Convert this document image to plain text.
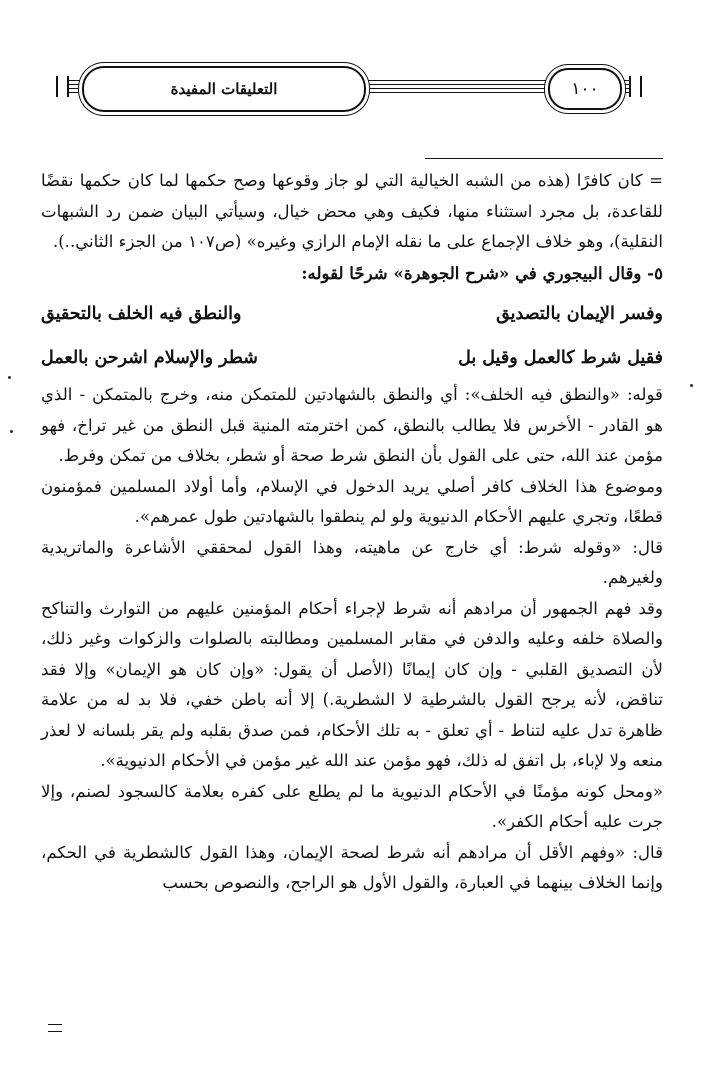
التعليقات المفيدة	١٠٠

= كان كافرًا (هذه من الشبه الخيالية التي لو جاز وقوعها وصح حكمها لما كان حكمها نقضًا للقاعدة، بل مجرد استثناء منها، فكيف وهي محض خيال، وسيأتي البيان ضمن رد الشبهات النقلية)، وهو خلاف الإجماع على ما نقله الإمام الرازي وغيره» (ص١٠٧ من الجزء الثاني..).

٥- وقال البيجوري في «شرح الجوهرة» شرحًا لقوله:

وفسر الإيمان بالتصديق
والنطق فيه الخلف بالتحقيق
فقيل شرط كالعمل وقيل بل
شطر والإسلام اشرحن بالعمل

قوله: «والنطق فيه الخلف»: أي والنطق بالشهادتين للمتمكن منه، وخرج بالمتمكن - الذي هو القادر - الأخرس فلا يطالب بالنطق، كمن اخترمته المنية قبل النطق من غير تراخ، فهو مؤمن عند الله، حتى على القول بأن النطق شرط صحة أو شطر، بخلاف من تمكن وفرط.

وموضوع هذا الخلاف كافر أصلي يريد الدخول في الإسلام، وأما أولاد المسلمين فمؤمنون قطعًا، وتجري عليهم الأحكام الدنيوية ولو لم ينطقوا بالشهادتين طول عمرهم».

قال: «وقوله شرط: أي خارج عن ماهيته، وهذا القول لمحققي الأشاعرة والماتريدية ولغيرهم.

وقد فهم الجمهور أن مرادهم أنه شرط لإجراء أحكام المؤمنين عليهم من التوارث والتناكح والصلاة خلفه وعليه والدفن في مقابر المسلمين ومطالبته بالصلوات والزكوات وغير ذلك، لأن التصديق القلبي - وإن كان إيمانًا (الأصل أن يقول: «وإن كان هو الإيمان» وإلا فقد تناقض، لأنه يرجح القول بالشرطية لا الشطرية.) إلا أنه باطن خفي، فلا بد له من علامة ظاهرة تدل عليه لتناط - أي تعلق - به تلك الأحكام، فمن صدق بقلبه ولم يقر بلسانه لا لعذر منعه ولا لإباء، بل اتفق له ذلك، فهو مؤمن عند الله غير مؤمن في الأحكام الدنيوية».

«ومحل كونه مؤمنًا في الأحكام الدنيوية ما لم يطلع على كفره بعلامة كالسجود لصنم، وإلا جرت عليه أحكام الكفر».

قال: «وفهم الأقل أن مرادهم أنه شرط لصحة الإيمان، وهذا القول كالشطرية في الحكم، وإنما الخلاف بينهما في العبارة، والقول الأول هو الراجح، والنصوص بحسب
